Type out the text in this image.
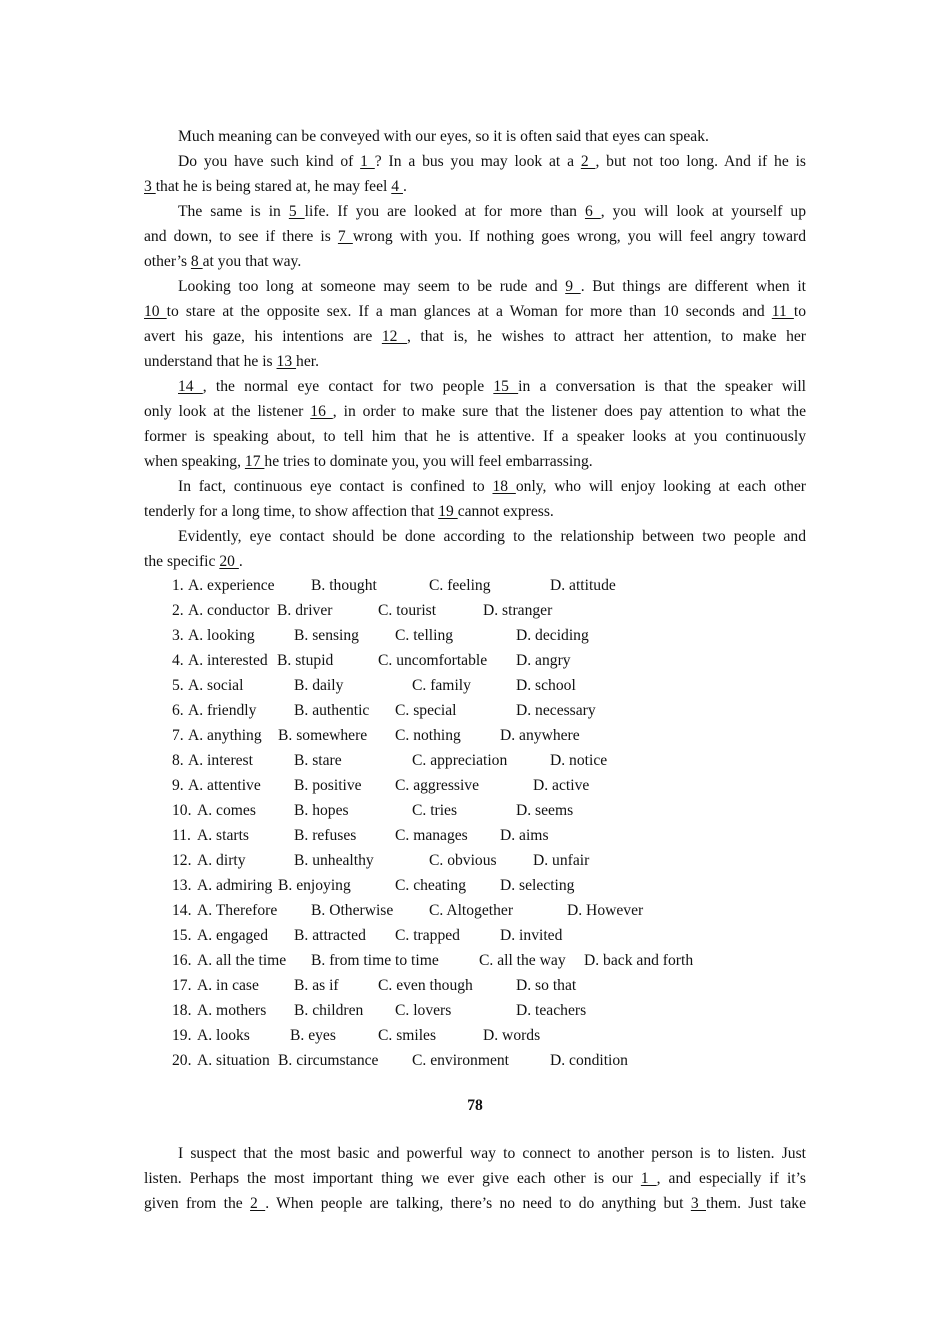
Much meaning can be conveyed with our eyes, so it is often said that eyes can speak.
Do you have such kind of 1 ? In a bus you may look at a 2 , but not too long. And if he is
3 that he is being stared at, he may feel 4 .
The same is in 5 life. If you are looked at for more than 6 , you will look at yourself up
and down, to see if there is 7 wrong with you. If nothing goes wrong, you will feel angry toward
other’s 8 at you that way.
Looking too long at someone may seem to be rude and 9 . But things are different when it
10 to stare at the opposite sex. If a man glances at a Woman for more than 10 seconds and 11 to
avert his gaze, his intentions are 12 , that is, he wishes to attract her attention, to make her
understand that he is 13 her.
14 , the normal eye contact for two people 15 in a conversation is that the speaker will
only look at the listener 16 , in order to make sure that the listener does pay attention to what the
former is speaking about, to tell him that he is attentive. If a speaker looks at you continuously
when speaking, 17 he tries to dominate you, you will feel embarrassing.
In fact, continuous eye contact is confined to 18 only, who will enjoy looking at each other
tenderly for a long time, to show affection that 19 cannot express.
Evidently, eye contact should be done according to the relationship between two people and
the specific 20 .
1. A. experience B. thought	C. feeling	D. attitude
2. A. conductor B. driver	C. tourist	D. stranger
3. A. looking	B. sensing C. telling	D. deciding
4. A. interested B. stupid	C. uncomfortable D. angry
5. A. social	B. daily	C. family	D. school
6. A. friendly B. authentic C. special	D. necessary
7. A. anything B. somewhere C. nothing	D. anywhere
8. A. interest	B. stare	C. appreciation	D. notice
9. A. attentive B. positive C. aggressive	D. active
10. A. comes B. hopes	C. tries	D. seems
11. A. starts	B. refuses C. manages D. aims
12. A. dirty	B. unhealthy	C. obvious D. unfair
13. A. admiring B. enjoying	C. cheating D. selecting
14. A. Therefore B. Otherwise C. Altogether	D. However
15. A. engaged B. attracted C. trapped	D. invited
16. A. all the time B. from time to time	C. all the way D. back and forth
17. A. in case B. as if	C. even though	D. so that
18. A. mothers B. children C. lovers	D. teachers
19. A. looks	B. eyes	C. smiles	D. words
20. A. situation B. circumstance C. environment	D. condition
78
I suspect that the most basic and powerful way to connect to another person is to listen. Just
listen. Perhaps the most important thing we ever give each other is our 1 , and especially if it’s
given from the 2 . When people are talking, there’s no need to do anything but 3 them. Just take
